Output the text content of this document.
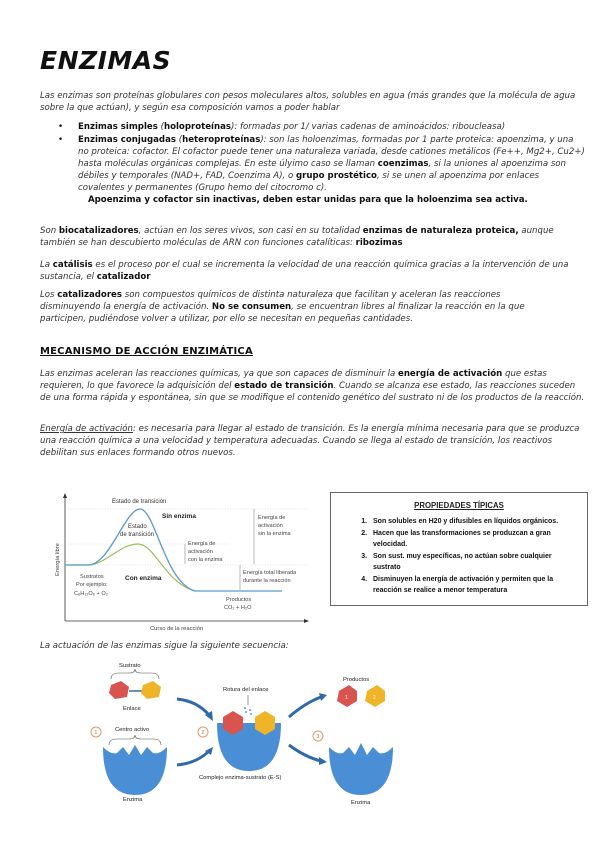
ENZIMAS
Las enzimas son proteínas globulares con pesos moleculares altos, solubles en agua (más grandes que la molécula de agua sobre la que actúan), y según esa composición vamos a poder hablar
• Enzimas simples (holoproteínas): formadas por 1/ varias cadenas de aminoácidos: riboucleasa)
• Enzimas conjugadas (heteroproteínas): son las holoenzimas, formadas por 1 parte proteica: apoenzima, y una no proteica: cofactor. El cofactor puede tener una naturaleza variada, desde cationes metálicos (Fe++, Mg2+, Cu2+) hasta moléculas orgánicas complejas. En este úlyimo caso se llaman coenzimas, si la uniones al apoenzima son débiles y temporales (NAD+, FAD, Coenzima A), o grupo prostético, si se unen al apoenzima por enlaces covalentes y permanentes (Grupo hemo del citocromo c).
Apoenzima y cofactor sin inactivas, deben estar unidas para que la holoenzima sea activa.
Son biocatalizadores, actúan en los seres vivos, son casi en su totalidad enzimas de naturaleza proteica, aunque también se han descubierto moléculas de ARN con funciones catalíticas: ribozimas
La catálisis es el proceso por el cual se incrementa la velocidad de una reacción química gracias a la intervención de una sustancia, el catalizador
Los catalizadores son compuestos químicos de distinta naturaleza que facilitan y aceleran las reacciones disminuyendo la energía de activación. No se consumen, se encuentran libres al finalizar la reacción en la que participen, pudiéndose volver a utilizar, por ello se necesitan en pequeñas cantidades.
MECANISMO DE ACCIÓN ENZIMÁTICA
Las enzimas aceleran las reacciones químicas, ya que son capaces de disminuir la energía de activación que estas requieren, lo que favorece la adquisición del estado de transición. Cuando se alcanza ese estado, las reacciones suceden de una forma rápida y espontánea, sin que se modifique el contenido genético del sustrato ni de los productos de la reacción.
Energía de activación: es necesaria para llegar al estado de transición. Es la energía mínima necesaria para que se produzca una reacción química a una velocidad y temperatura adecuadas. Cuando se llega al estado de transición, los reactivos debilitan sus enlaces formando otros nuevos.
Estado de transición
Estado
de transición
Sin enzima
Con enzima
Energía de
activación
con la enzima
Energía de
activación
sin la enzima
Energía total liberada
durante la reacción
Sustratos
Por ejemplo:
C₆H₁₂O₆ + O₂
Productos
CO₂ + H₂O
Curso de la reacción
Energía libre
PROPIEDADES TÍPICAS
1. Son solubles en H20 y difusibles en líquidos orgánicos.
2. Hacen que las transformaciones se produzcan a gran velocidad.
3. Son sust. muy específicas, no actúan sobre cualquier sustrato
4. Disminuyen la energía de activación y permiten que la reacción se realice a menor temperatura
La actuación de las enzimas sigue la siguiente secuencia:
Sustrato
Enlace
Centro activo
1
Enzima
2
Rotura del enlace
Complejo enzima-sustrato (E-S)
3
Productos
1	2
Enzima
